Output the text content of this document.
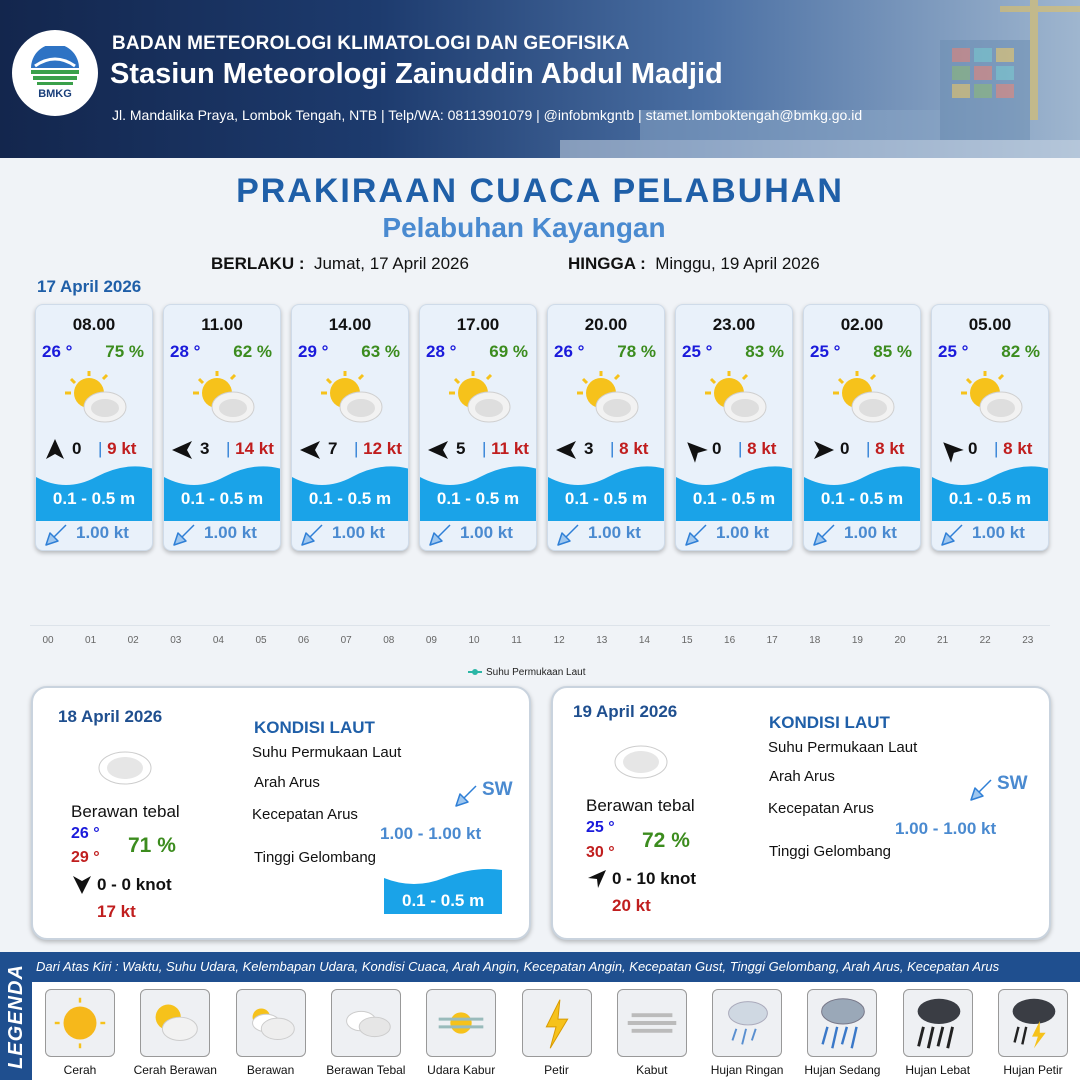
BMKG
BADAN METEOROLOGI KLIMATOLOGI DAN GEOFISIKA
Stasiun Meteorologi Zainuddin Abdul Madjid
Jl. Mandalika Praya, Lombok Tengah, NTB | Telp/WA: 08113901079 | @infobmkgntb | stamet.lomboktengah@bmkg.go.id
PRAKIRAAN CUACA PELABUHAN
Pelabuhan Kayangan
BERLAKU : Jumat, 17 April 2026	HINGGA : Minggu, 19 April 2026
17 April 2026
08.00
26 ° 75 %
0 | 9 kt
0.1 - 0.5 m
1.00 kt
11.00
28 ° 62 %
3 | 14 kt
0.1 - 0.5 m
1.00 kt
14.00
29 ° 63 %
7 | 12 kt
0.1 - 0.5 m
1.00 kt
17.00
28 ° 69 %
5 | 11 kt
0.1 - 0.5 m
1.00 kt
20.00
26 ° 78 %
3 | 8 kt
0.1 - 0.5 m
1.00 kt
23.00
25 ° 83 %
0 | 8 kt
0.1 - 0.5 m
1.00 kt
02.00
25 ° 85 %
0 | 8 kt
0.1 - 0.5 m
1.00 kt
05.00
25 ° 82 %
0 | 8 kt
0.1 - 0.5 m
1.00 kt
00	01	02	03	04	05	06	07	08	09	10	11	12	13	14	15	16	17	18	19	20	21	22	23
Suhu Permukaan Laut
18 April 2026
Berawan tebal
26 °
29 °
71 %
0 - 0 knot
17 kt
KONDISI LAUT
Suhu Permukaan Laut
Arah Arus	SW
Kecepatan Arus
1.00 - 1.00 kt
Tinggi Gelombang
0.1 - 0.5 m
19 April 2026
Berawan tebal
25 °
30 °
72 %
0 - 10 knot
20 kt
KONDISI LAUT
Suhu Permukaan Laut
Arah Arus	SW
Kecepatan Arus
1.00 - 1.00 kt
Tinggi Gelombang
LEGENDA Dari Atas Kiri : Waktu, Suhu Udara, Kelembapan Udara, Kondisi Cuaca, Arah Angin, Kecepatan Angin, Kecepatan Gust, Tinggi Gelombang, Arah Arus, Kecepatan Arus
Cerah	Cerah Berawan	Berawan	Berawan Tebal	Udara Kabur	Petir	Kabut	Hujan Ringan	Hujan Sedang	Hujan Lebat	Hujan Petir
